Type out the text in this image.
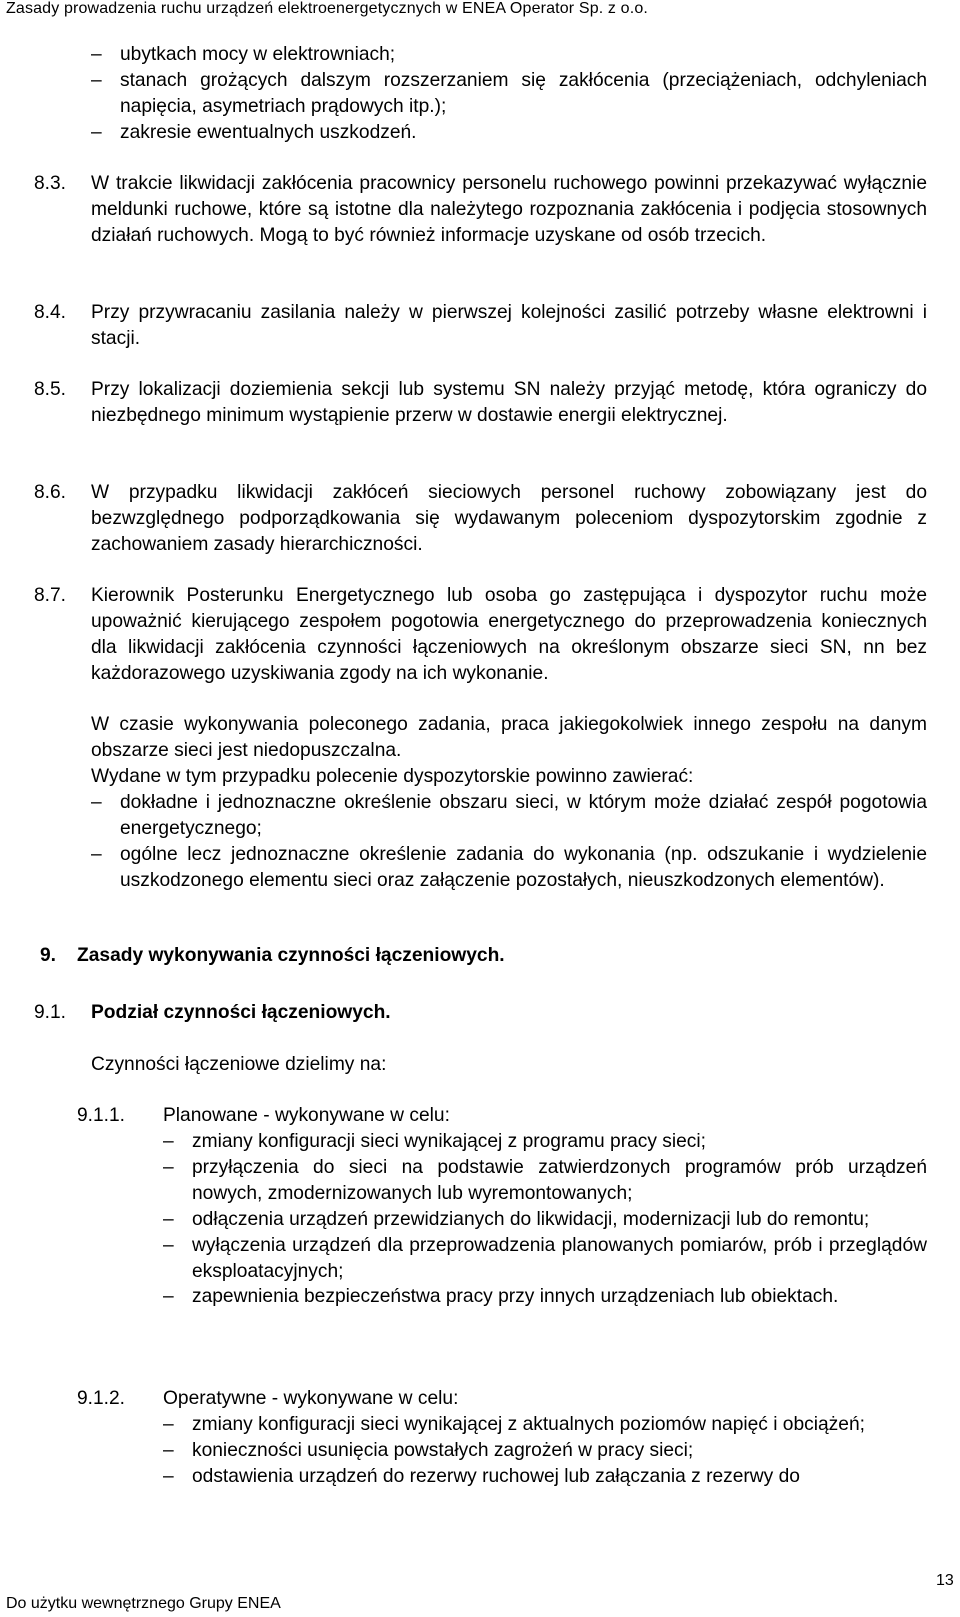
Zasady prowadzenia ruchu urządzeń elektroenergetycznych w ENEA Operator Sp. z o.o.
– ubytkach mocy w elektrowniach;
– stanach grożących dalszym rozszerzaniem się zakłócenia (przeciążeniach, odchyleniach napięcia, asymetriach prądowych itp.);
– zakresie ewentualnych uszkodzeń.
8.3. W trakcie likwidacji zakłócenia pracownicy personelu ruchowego powinni przekazywać wyłącznie meldunki ruchowe, które są istotne dla należytego rozpoznania zakłócenia i podjęcia stosownych działań ruchowych. Mogą to być również informacje uzyskane od osób trzecich.
8.4. Przy przywracaniu zasilania należy w pierwszej kolejności zasilić potrzeby własne elektrowni i stacji.
8.5. Przy lokalizacji doziemienia sekcji lub systemu SN należy przyjąć metodę, która ograniczy do niezbędnego minimum wystąpienie przerw w dostawie energii elektrycznej.
8.6. W przypadku likwidacji zakłóceń sieciowych personel ruchowy zobowiązany jest do bezwzględnego podporządkowania się wydawanym poleceniom dyspozytorskim zgodnie z zachowaniem zasady hierarchiczności.
8.7. Kierownik Posterunku Energetycznego lub osoba go zastępująca i dyspozytor ruchu może upoważnić kierującego zespołem pogotowia energetycznego do przeprowadzenia koniecznych dla likwidacji zakłócenia czynności łączeniowych na określonym obszarze sieci SN, nn bez każdorazowego uzyskiwania zgody na ich wykonanie.
W czasie wykonywania poleconego zadania, praca jakiegokolwiek innego zespołu na danym obszarze sieci jest niedopuszczalna.
Wydane w tym przypadku polecenie dyspozytorskie powinno zawierać:
– dokładne i jednoznaczne określenie obszaru sieci, w którym może działać zespół pogotowia energetycznego;
– ogólne lecz jednoznaczne określenie zadania do wykonania (np. odszukanie i wydzielenie uszkodzonego elementu sieci oraz załączenie pozostałych, nieuszkodzonych elementów).
9. Zasady wykonywania czynności łączeniowych.
9.1. Podział czynności łączeniowych.
Czynności łączeniowe dzielimy na:
9.1.1. Planowane - wykonywane w celu:
– zmiany konfiguracji sieci wynikającej z programu pracy sieci;
– przyłączenia do sieci na podstawie zatwierdzonych programów prób urządzeń nowych, zmodernizowanych lub wyremontowanych;
– odłączenia urządzeń przewidzianych do likwidacji, modernizacji lub do remontu;
– wyłączenia urządzeń dla przeprowadzenia planowanych pomiarów, prób i przeglądów eksploatacyjnych;
– zapewnienia bezpieczeństwa pracy przy innych urządzeniach lub obiektach.
9.1.2. Operatywne - wykonywane w celu:
– zmiany konfiguracji sieci wynikającej z aktualnych poziomów napięć i obciążeń;
– konieczności usunięcia powstałych zagrożeń w pracy sieci;
– odstawienia urządzeń do rezerwy ruchowej lub załączania z rezerwy do
13
Do użytku wewnętrznego Grupy ENEA
